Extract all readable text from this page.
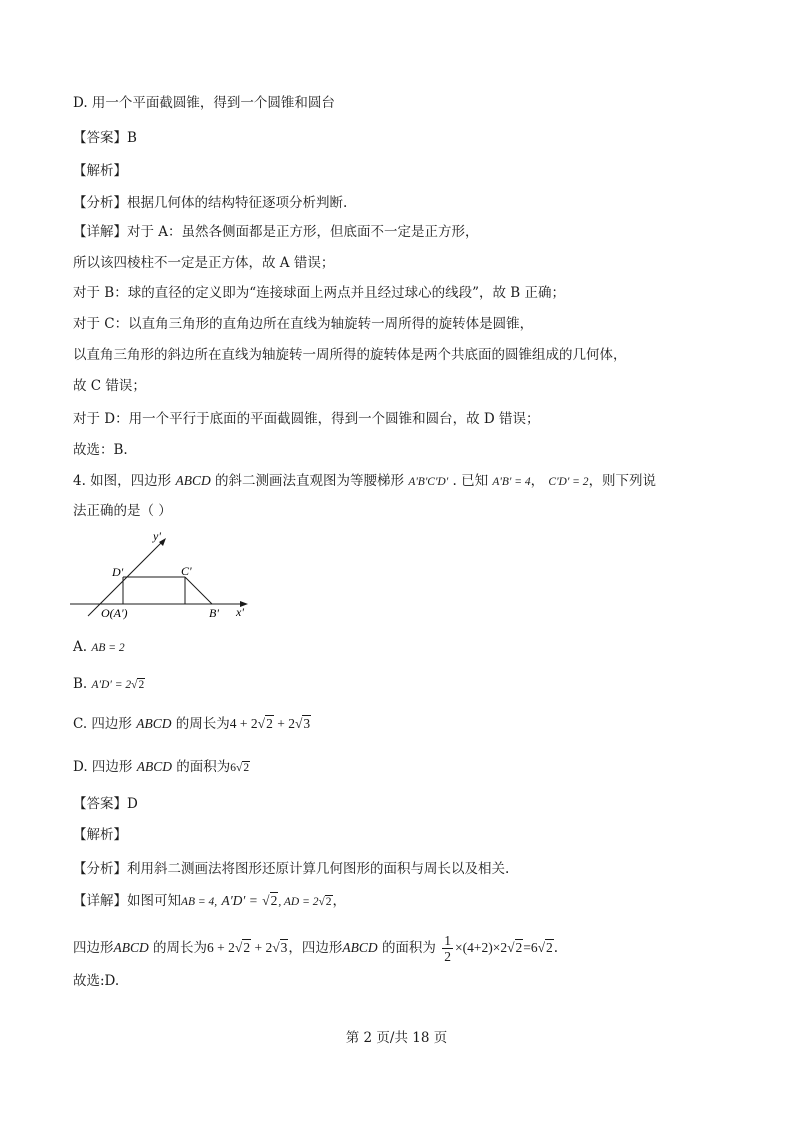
D. 用一个平面截圆锥，得到一个圆锥和圆台
【答案】B
【解析】
【分析】根据几何体的结构特征逐项分析判断.
【详解】对于 A：虽然各侧面都是正方形，但底面不一定是正方形，
所以该四棱柱不一定是正方体，故 A 错误；
对于 B：球的直径的定义即为“连接球面上两点并且经过球心的线段”，故 B 正确；
对于 C：以直角三角形的直角边所在直线为轴旋转一周所得的旋转体是圆锥，
以直角三角形的斜边所在直线为轴旋转一周所得的旋转体是两个共底面的圆锥组成的几何体，
故 C 错误；
对于 D：用一个平行于底面的平面截圆锥，得到一个圆锥和圆台，故 D 错误；
故选：B.
4. 如图，四边形 ABCD 的斜二测画法直观图为等腰梯形 A'B'C'D' . 已知 A'B' = 4， C'D' = 2，则下列说
法正确的是（ ）
y'
x'
D'	C'
O(A')	B'
A. AB = 2
B. A′D′ = 2√2
C. 四边形 ABCD 的周长为4 + 2√2 + 2√3
D. 四边形 ABCD 的面积为6√2
【答案】D
【解析】
【分析】利用斜二测画法将图形还原计算几何图形的面积与周长以及相关.
【详解】如图可知AB = 4, A′D′ = √2, AD = 2√2，
四边形ABCD 的周长为6 + 2√2 + 2√3，四边形ABCD 的面积为 $\frac{1}{2} \times(4+2)\times 2√2=6√2$.
故选:D.
第 2 页/共 18 页
